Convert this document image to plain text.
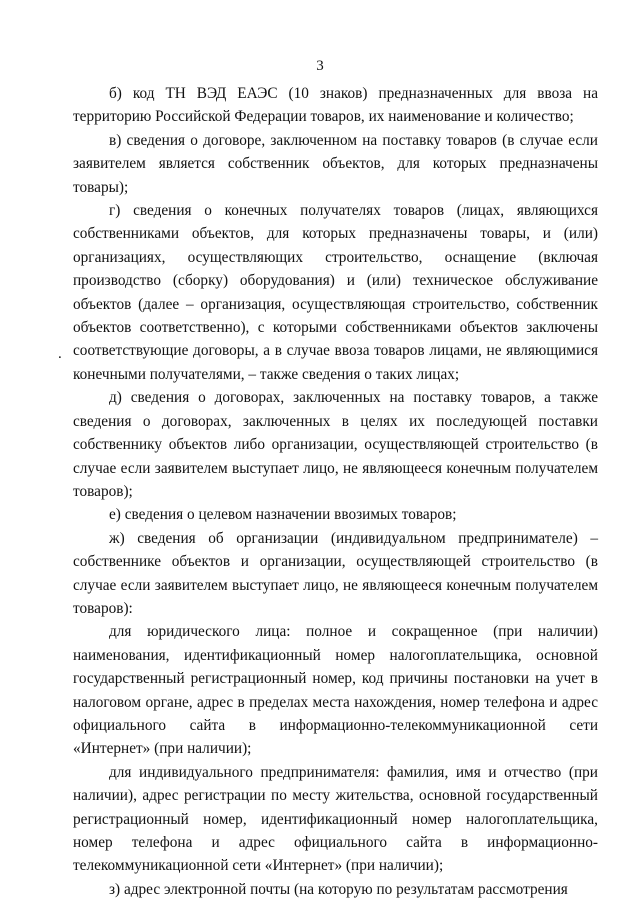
3
.

б) код ТН ВЭД ЕАЭС (10 знаков) предназначенных для ввоза на территорию Российской Федерации товаров, их наименование и количество;

в) сведения о договоре, заключенном на поставку товаров (в случае если заявителем является собственник объектов, для которых предназначены товары);

г) сведения о конечных получателях товаров (лицах, являющихся собственниками объектов, для которых предназначены товары, и (или) организациях, осуществляющих строительство, оснащение (включая производство (сборку) оборудования) и (или) техническое обслуживание объектов (далее – организация, осуществляющая строительство, собственник объектов соответственно), с которыми собственниками объектов заключены соответствующие договоры, а в случае ввоза товаров лицами, не являющимися конечными получателями, – также сведения о таких лицах;

д) сведения о договорах, заключенных на поставку товаров, а также сведения о договорах, заключенных в целях их последующей поставки собственнику объектов либо организации, осуществляющей строительство (в случае если заявителем выступает лицо, не являющееся конечным получателем товаров);

е) сведения о целевом назначении ввозимых товаров;

ж) сведения об организации (индивидуальном предпринимателе) – собственнике объектов и организации, осуществляющей строительство (в случае если заявителем выступает лицо, не являющееся конечным получателем товаров):

для юридического лица: полное и сокращенное (при наличии) наименования, идентификационный номер налогоплательщика, основной государственный регистрационный номер, код причины постановки на учет в налоговом органе, адрес в пределах места нахождения, номер телефона и адрес официального сайта в информационно-телекоммуникационной сети «Интернет» (при наличии);

для индивидуального предпринимателя: фамилия, имя и отчество (при наличии), адрес регистрации по месту жительства, основной государственный регистрационный номер, идентификационный номер налогоплательщика, номер телефона и адрес официального сайта в информационно-телекоммуникационной сети «Интернет» (при наличии);

з) адрес электронной почты (на которую по результатам рассмотрения
